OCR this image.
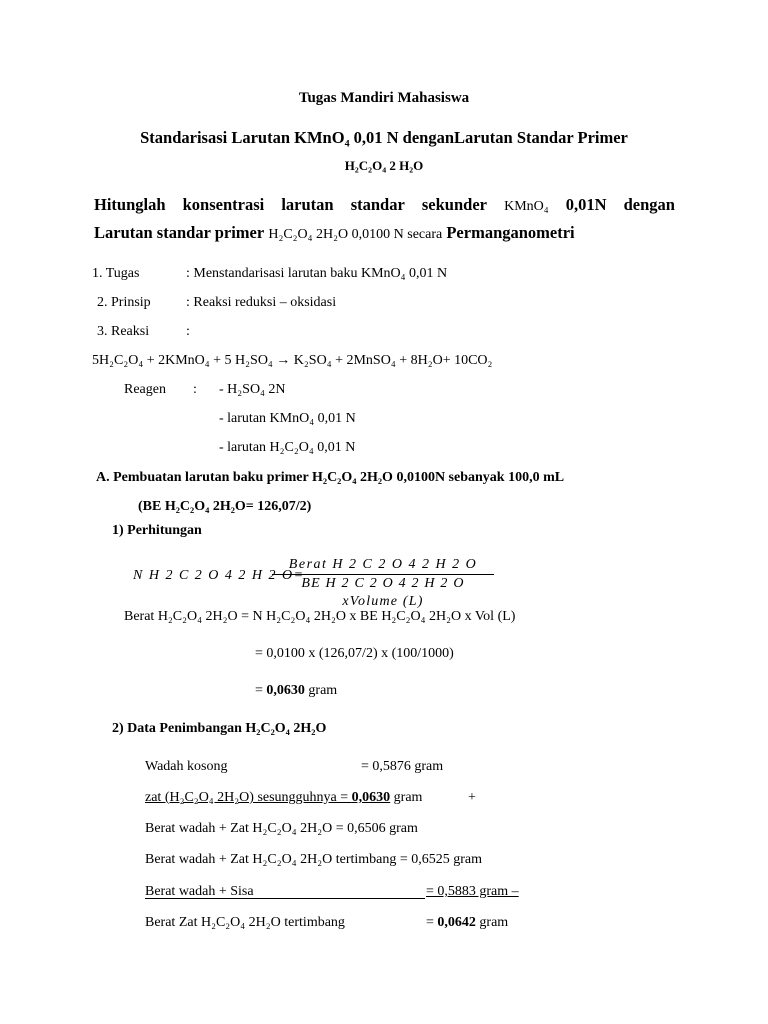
Tugas Mandiri Mahasiswa
Standarisasi Larutan KMnO₄ 0,01 N denganLarutan Standar Primer
H₂C₂O₄ 2 H₂O
Hitunglah konsentrasi larutan standar sekunder KMnO₄ 0,01N dengan
Larutan standar primer H₂C₂O₄ 2H₂O 0,0100 N secara Permanganometri
1. Tugas	: Menstandarisasi larutan baku KMnO₄ 0,01 N
2. Prinsip	: Reaksi reduksi – oksidasi
3. Reaksi	:
5H₂C₂O₄ + 2KMnO₄ + 5 H₂SO₄ → K₂SO₄ + 2MnSO₄ + 8H₂O+ 10CO₂
Reagen : - H₂SO₄ 2N
- larutan KMnO₄ 0,01 N
- larutan H₂C₂O₄ 0,01 N
A. Pembuatan larutan baku primer H₂C₂O₄ 2H₂O 0,0100N sebanyak 100,0 mL
(BE H₂C₂O₄ 2H₂O= 126,07/2)
1) Perhitungan
N H 2 C 2 O 4 2 H 2 O=
Berat H 2 C 2 O 4 2 H 2 O
BE H 2 C 2 O 4 2 H 2 O xVolume (L)
Berat H₂C₂O₄ 2H₂O = N H₂C₂O₄ 2H₂O x BE H₂C₂O₄ 2H₂O x Vol (L)
= 0,0100 x (126,07/2) x (100/1000)
= 0,0630 gram
2) Data Penimbangan H₂C₂O₄ 2H₂O
Wadah kosong	= 0,5876 gram
zat (H₂C₂O₄ 2H₂O) sesungguhnya = 0,0630 gram	+
Berat wadah + Zat H₂C₂O₄ 2H₂O = 0,6506 gram
Berat wadah + Zat H₂C₂O₄ 2H₂O tertimbang = 0,6525 gram
Berat wadah + Sisa	= 0,5883 gram –
Berat Zat H₂C₂O₄ 2H₂O tertimbang	= 0,0642 gram
